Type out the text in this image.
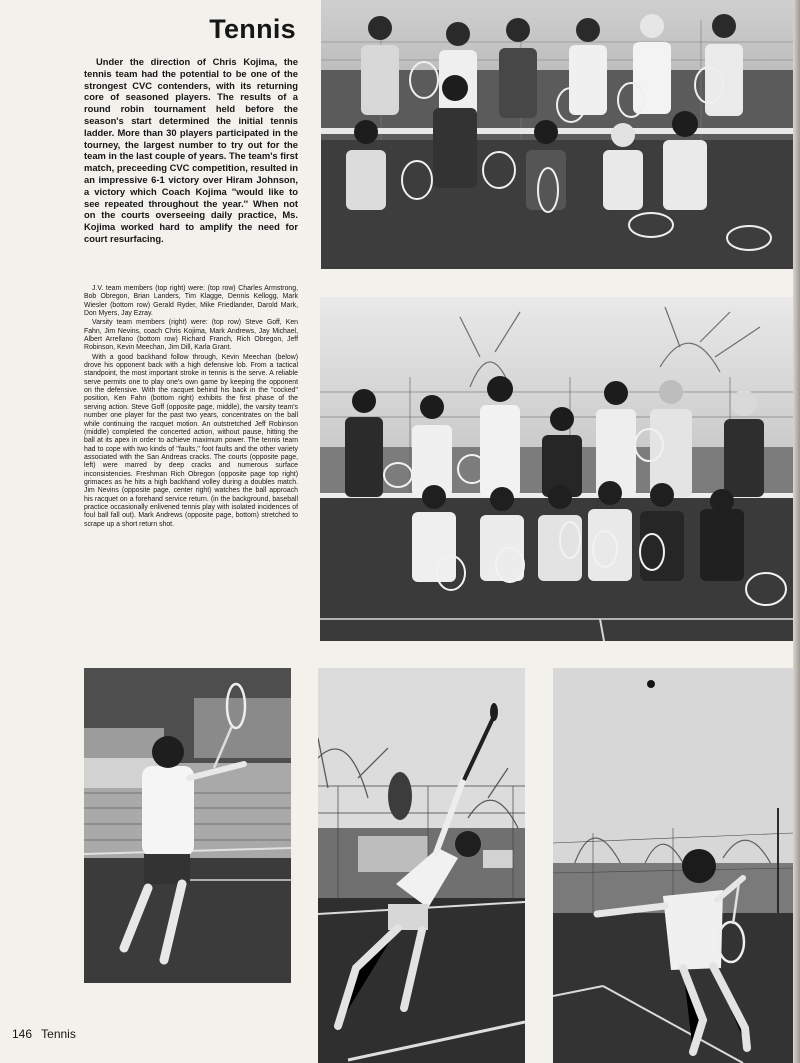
Tennis

Under the direction of Chris Kojima, the tennis team had the potential to be one of the strongest CVC contenders, with its returning core of seasoned players. The results of a round robin tournament held before the season's start determined the initial tennis ladder. More than 30 players participated in the tourney, the largest number to try out for the team in the last couple of years. The team's first match, preceeding CVC competition, resulted in an impressive 6-1 victory over Hiram Johnson, a victory which Coach Kojima ''would like to see repeated throughout the year.'' When not on the courts overseeing daily practice, Ms. Kojima worked hard to amplify the need for court resurfacing.

J.V. team members (top right) were: (top row) Charles Armstrong, Bob Obregon, Brian Landers, Tim Klagge, Dennis Kellogg, Mark Wiesler (bottom row) Gerald Ryder, Mike Friedlander, Darold Mark, Don Myers, Jay Ezray.

Varsity team members (right) were: (top row) Steve Goff, Ken Fahn, Jim Nevins, coach Chris Kojima, Mark Andrews, Jay Michael, Albert Arrellano (bottom row) Richard Franch, Rich Obregon, Jeff Robinson, Kevin Meechan, Jim Dill, Karla Grant.

With a good backhand follow through, Kevin Meechan (below) drove his opponent back with a high defensive lob. From a tactical standpoint, the most important stroke in tennis is the serve. A reliable serve permits one to play one's own game by keeping the opponent on the defensive. With the racquet behind his back in the ''cocked'' position, Ken Fahn (bottom right) exhibits the first phase of the serving action. Steve Goff (opposite page, middle), the varsity team's number one player for the past two years, concentrates on the ball while continuing the racquet motion. An outstretched Jeff Robinson (middle) completed the concerted action, without pause, hitting the ball at its apex in order to achieve maximum power. The tennis team had to cope with two kinds of ''faults,'' foot faults and the other variety associated with the San Andreas cracks. The courts (opposite page, left) were marred by deep cracks and numerous surface inconsistencies. Freshman Rich Obregon (opposite page top right) grimaces as he hits a high backhand volley during a doubles match. Jim Nevins (opposite page, center right) watches the ball approach his racquet on a forehand service return. (in the background, baseball practice occasionally enlivened tennis play with isolated incidences of foul ball fall out). Mark Andrews (opposite page, bottom) stretched to scrape up a short return shot.

146 Tennis
